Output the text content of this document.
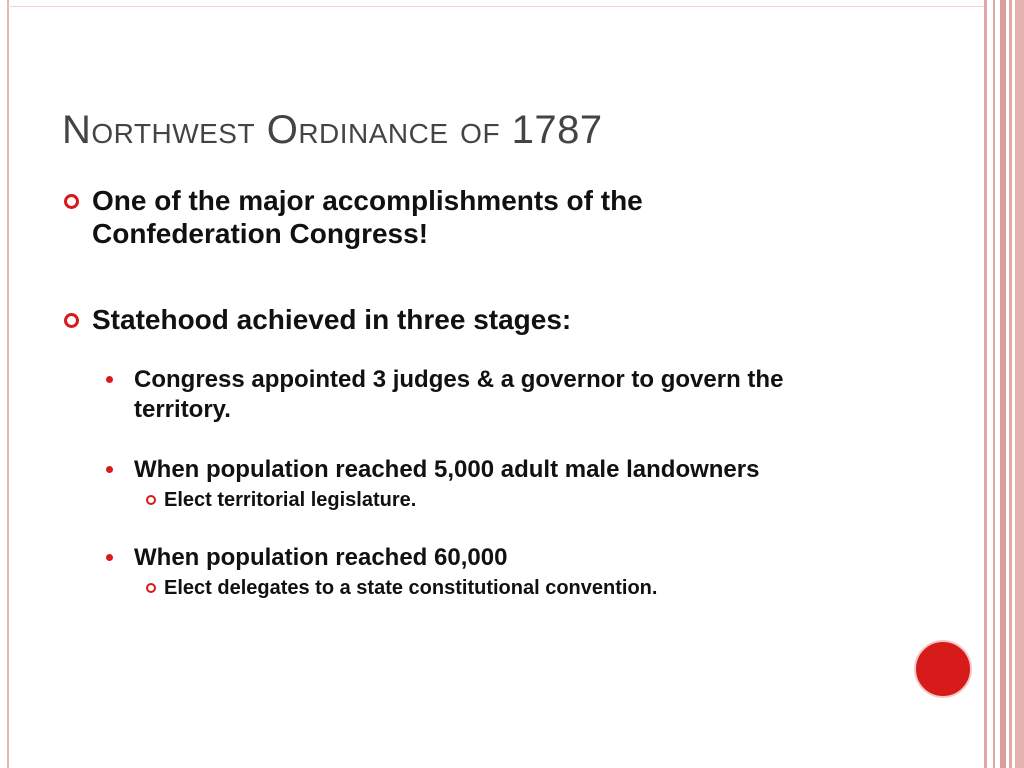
Northwest Ordinance of 1787

One of the major accomplishments of the Confederation Congress!

Statehood achieved in three stages:

Congress appointed 3 judges & a governor to govern the territory.

When population reached 5,000 adult male landowners

Elect territorial legislature.

When population reached 60,000

Elect delegates to a state constitutional convention.
